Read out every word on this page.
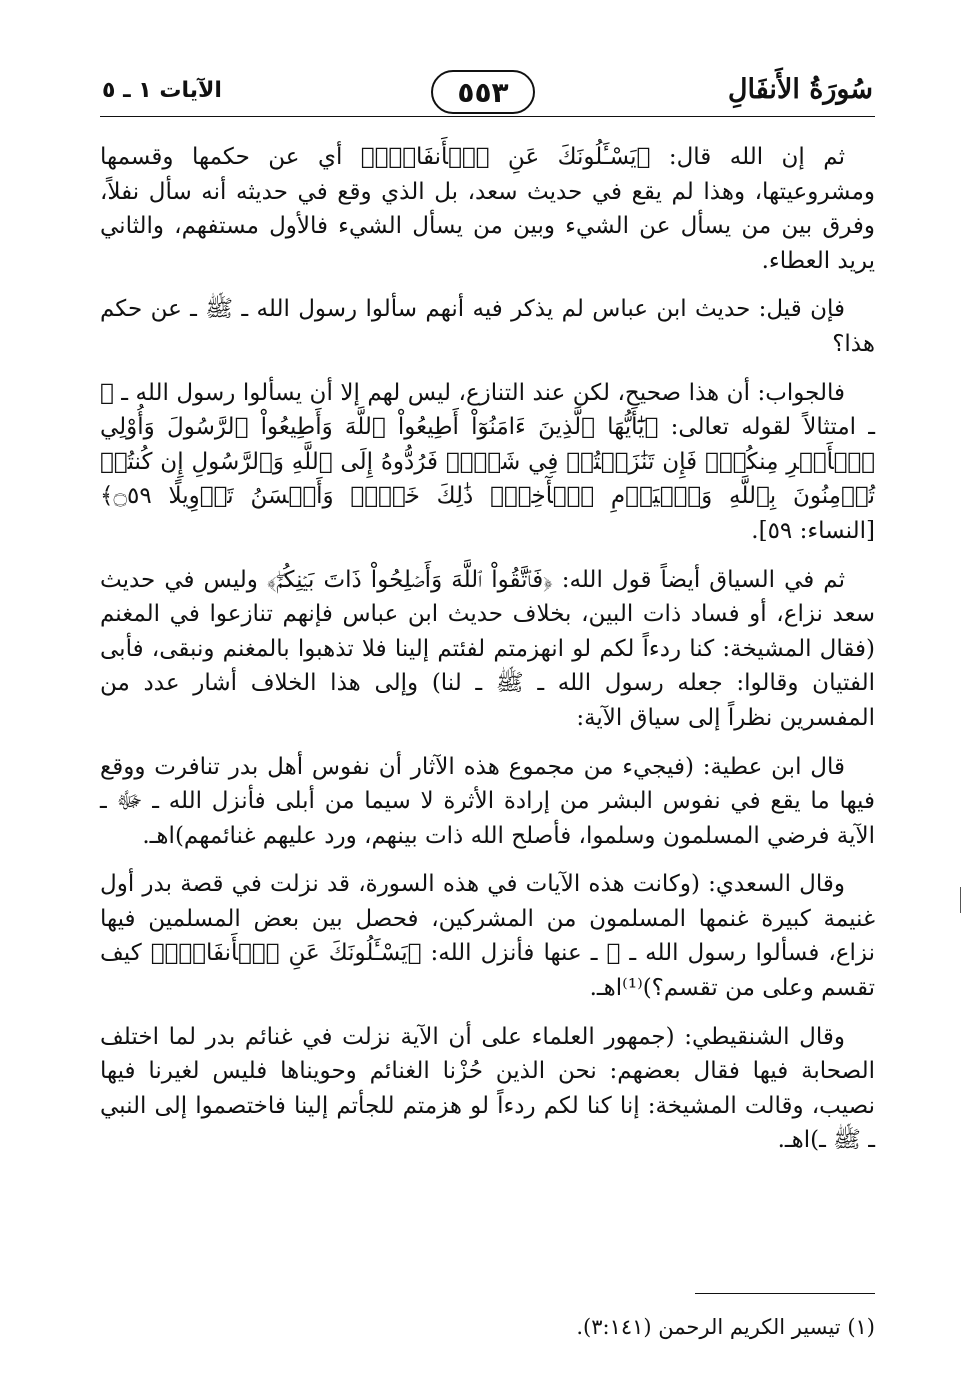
سُورَةُ الأَنفَالِ
٥٥٣
الآيات ١ ـ ٥

ثم إن الله قال: ﴿يَسْـَٔلُونَكَ عَنِ ٱلۡأَنفَالِۖ﴾ أي عن حكمها وقسمها ومشروعيتها، وهذا لم يقع في حديث سعد، بل الذي وقع في حديثه أنه سأل نفلاً، وفرق بين من يسأل عن الشيء وبين من يسأل الشيء فالأول مستفهم، والثاني يريد العطاء.

فإن قيل: حديث ابن عباس لم يذكر فيه أنهم سألوا رسول الله ـ ﷺ ـ عن حكم هذا؟

فالجواب: أن هذا صحيح، لكن عند التنازع، ليس لهم إلا أن يسألوا رسول الله ـ ﷺ ـ امتثالاً لقوله تعالى: ﴿يَٰٓأَيُّهَا ٱلَّذِينَ ءَامَنُوٓاْ أَطِيعُواْ ٱللَّهَ وَأَطِيعُواْ ٱلرَّسُولَ وَأُوْلِي ٱلۡأَمۡرِ مِنكُمۡۖ فَإِن تَنَٰزَعۡتُمۡ فِي شَيۡءٖ فَرُدُّوهُ إِلَى ٱللَّهِ وَٱلرَّسُولِ إِن كُنتُمۡ تُؤۡمِنُونَ بِٱللَّهِ وَٱلۡيَوۡمِ ٱلۡأٓخِرِۚ ذَٰلِكَ خَيۡرٞ وَأَحۡسَنُ تَأۡوِيلًا ۝٥٩﴾ [النساء: ٥٩].

ثم في السياق أيضاً قول الله: ﴿فَٱتَّقُواْ ٱللَّهَ وَأَصۡلِحُواْ ذَاتَ بَيۡنِكُمۡۖ﴾ وليس في حديث سعد نزاع، أو فساد ذات البين، بخلاف حديث ابن عباس فإنهم تنازعوا في المغنم (فقال المشيخة: كنا ردءاً لكم لو انهزمتم لفئتم إلينا فلا تذهبوا بالمغنم ونبقى، فأبى الفتيان وقالوا: جعله رسول الله ـ ﷺ ـ لنا) وإلى هذا الخلاف أشار عدد من المفسرين نظراً إلى سياق الآية:

قال ابن عطية: (فيجيء من مجموع هذه الآثار أن نفوس أهل بدر تنافرت ووقع فيها ما يقع في نفوس البشر من إرادة الأثرة لا سيما من أبلى فأنزل الله ـ ﷻ ـ الآية فرضي المسلمون وسلموا، فأصلح الله ذات بينهم، ورد عليهم غنائمهم)اهـ.

وقال السعدي: (وكانت هذه الآيات في هذه السورة، قد نزلت في قصة بدر أول غنيمة كبيرة غنمها المسلمون من المشركين، فحصل بين بعض المسلمين فيها نزاع، فسألوا رسول الله ـ ﷺ ـ عنها فأنزل الله: ﴿يَسْـَٔلُونَكَ عَنِ ٱلۡأَنفَالِۖ﴾ كيف تقسم وعلى من تقسم؟)⁽¹⁾اهـ.

وقال الشنقيطي: (جمهور العلماء على أن الآية نزلت في غنائم بدر لما اختلف الصحابة فيها فقال بعضهم: نحن الذين حُزْنا الغنائم وحويناها فليس لغيرنا فيها نصيب، وقالت المشيخة: إنا كنا لكم ردءاً لو هزمتم للجأتم إلينا فاختصموا إلى النبي ـ ﷺ ـ)اهـ.

(١) تيسير الكريم الرحمن (٣:١٤١).
